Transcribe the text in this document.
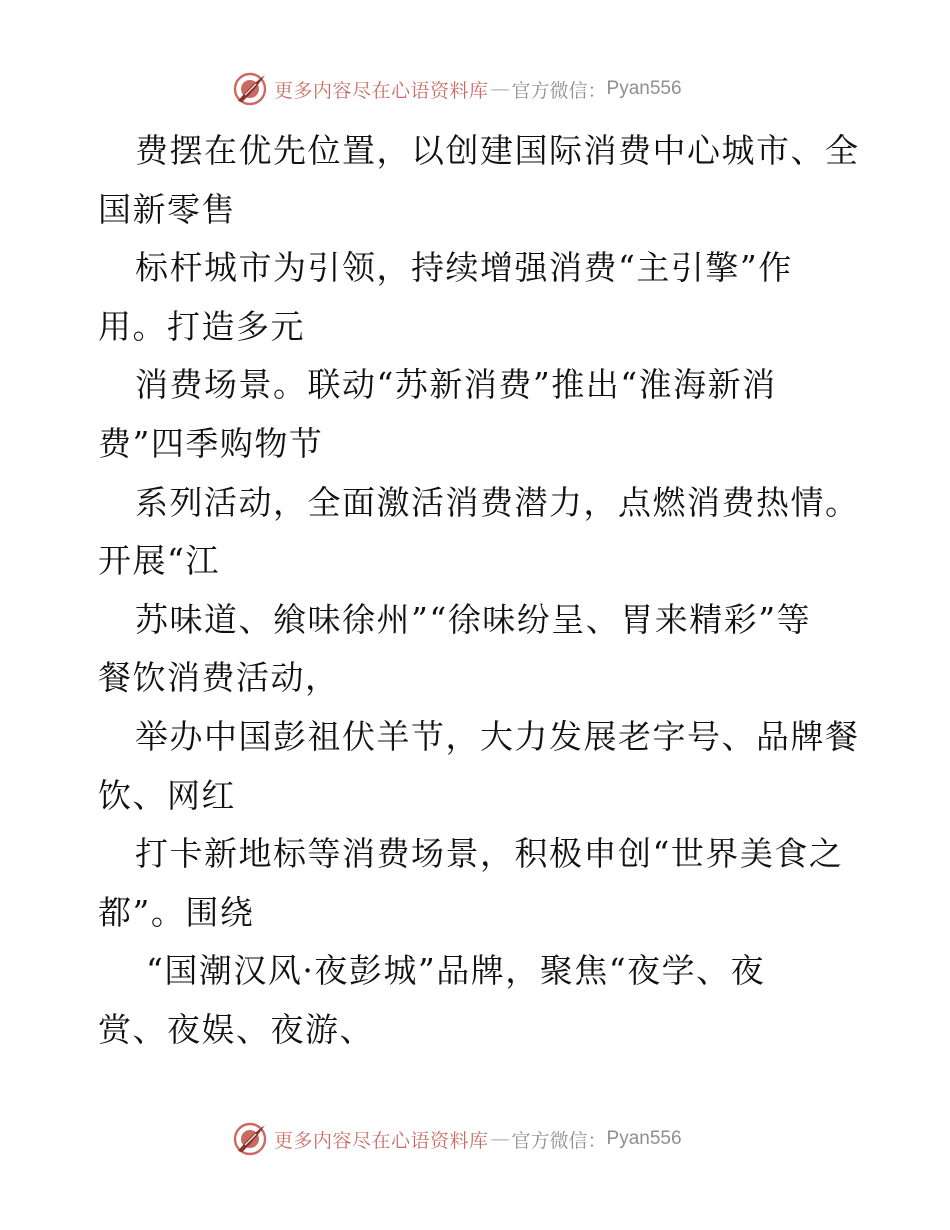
更多内容尽在心语资料库 — 官方微信： Pyan556
费摆在优先位置，以创建国际消费中心城市、全
国新零售
标杆城市为引领，持续增强消费“主引擎”作
用。打造多元
消费场景。联动“苏新消费”推出“淮海新消
费”四季购物节
系列活动，全面激活消费潜力，点燃消费热情。
开展“江
苏味道、飨味徐州”“徐味纷呈、胃来精彩”等
餐饮消费活动，
举办中国彭祖伏羊节，大力发展老字号、品牌餐
饮、网红
打卡新地标等消费场景，积极申创“世界美食之
都”。围绕
“国潮汉风·夜彭城”品牌，聚焦“夜学、夜
赏、夜娱、夜游、
更多内容尽在心语资料库 — 官方微信： Pyan556
